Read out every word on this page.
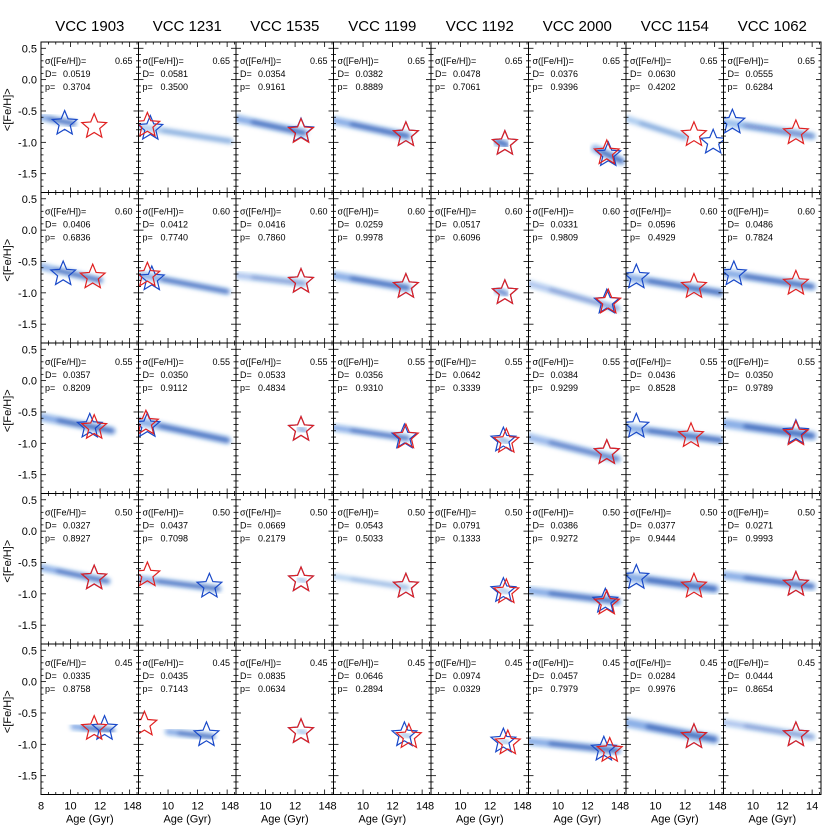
VCC 1903 VCC 1231 VCC 1535 VCC 1199 VCC 1192 VCC 2000 VCC 1154 VCC 1062
σ([Fe/H])=	0.65
D= 0.0519
p= 0.3704
σ([Fe/H])=	0.65
D= 0.0581
p= 0.3500
σ([Fe/H])=	0.65
D= 0.0354
p= 0.9161
σ([Fe/H])=	0.65
D= 0.0382
p= 0.8889
σ([Fe/H])=	0.65
D= 0.0478
p= 0.7061
σ([Fe/H])=	0.65
D= 0.0376
p= 0.9396
σ([Fe/H])=	0.65
D= 0.0630
p= 0.4202
σ([Fe/H])=	0.65
D= 0.0555
p= 0.6284
σ([Fe/H])=	0.60
D= 0.0406
p= 0.6836
σ([Fe/H])=	0.60
D= 0.0412
p= 0.7740
σ([Fe/H])=	0.60
D= 0.0416
p= 0.7860
σ([Fe/H])=	0.60
D= 0.0259
p= 0.9978
σ([Fe/H])=	0.60
D= 0.0517
p= 0.6096
σ([Fe/H])=	0.60
D= 0.0331
p= 0.9809
σ([Fe/H])=	0.60
D= 0.0596
p= 0.4929
σ([Fe/H])=	0.60
D= 0.0486
p= 0.7824
σ([Fe/H])=	0.55
D= 0.0357
p= 0.8209
σ([Fe/H])=	0.55
D= 0.0350
p= 0.9112
σ([Fe/H])=	0.55
D= 0.0533
p= 0.4834
σ([Fe/H])=	0.55
D= 0.0356
p= 0.9310
σ([Fe/H])=	0.55
D= 0.0642
p= 0.3339
σ([Fe/H])=	0.55
D= 0.0384
p= 0.9299
σ([Fe/H])=	0.55
D= 0.0436
p= 0.8528
σ([Fe/H])=	0.55
D= 0.0350
p= 0.9789
σ([Fe/H])=	0.50
D= 0.0327
p= 0.8927
σ([Fe/H])=	0.50
D= 0.0437
p= 0.7098
σ([Fe/H])=	0.50
D= 0.0669
p= 0.2179
σ([Fe/H])=	0.50
D= 0.0543
p= 0.5033
σ([Fe/H])=	0.50
D= 0.0791
p= 0.1333
σ([Fe/H])=	0.50
D= 0.0386
p= 0.9272
σ([Fe/H])=	0.50
D= 0.0377
p= 0.9444
σ([Fe/H])=	0.50
D= 0.0271
p= 0.9993
σ([Fe/H])=	0.45
D= 0.0335
p= 0.8758
σ([Fe/H])=	0.45
D= 0.0435
p= 0.7143
σ([Fe/H])=	0.45
D= 0.0835
p= 0.0634
σ([Fe/H])=	0.45
D= 0.0646
p= 0.2894
σ([Fe/H])=	0.45
D= 0.0974
p= 0.0329
σ([Fe/H])=	0.45
D= 0.0457
p= 0.7979
σ([Fe/H])=	0.45
D= 0.0284
p= 0.9976
σ([Fe/H])=	0.45
D= 0.0444
p= 0.8654
0.5
0.0
-0.5
-1.0
-1.5
<[Fe/H]>
0.5
0.0
-0.5
-1.0
-1.5
<[Fe/H]>
0.5
0.0
-0.5
-1.0
-1.5
<[Fe/H]>
0.5
0.0
-0.5
-1.0
-1.5
<[Fe/H]>
0.5
0.0
-0.5
-1.0
-1.5
<[Fe/H]>
8 10 12 14
Age (Gyr)
8 10 12 14
Age (Gyr)
8 10 12 14
Age (Gyr)
8 10 12 14
Age (Gyr)
8 10 12 14
Age (Gyr)
8 10 12 14
Age (Gyr)
8 10 12 14
Age (Gyr)
8 10 12 14
Age (Gyr)
